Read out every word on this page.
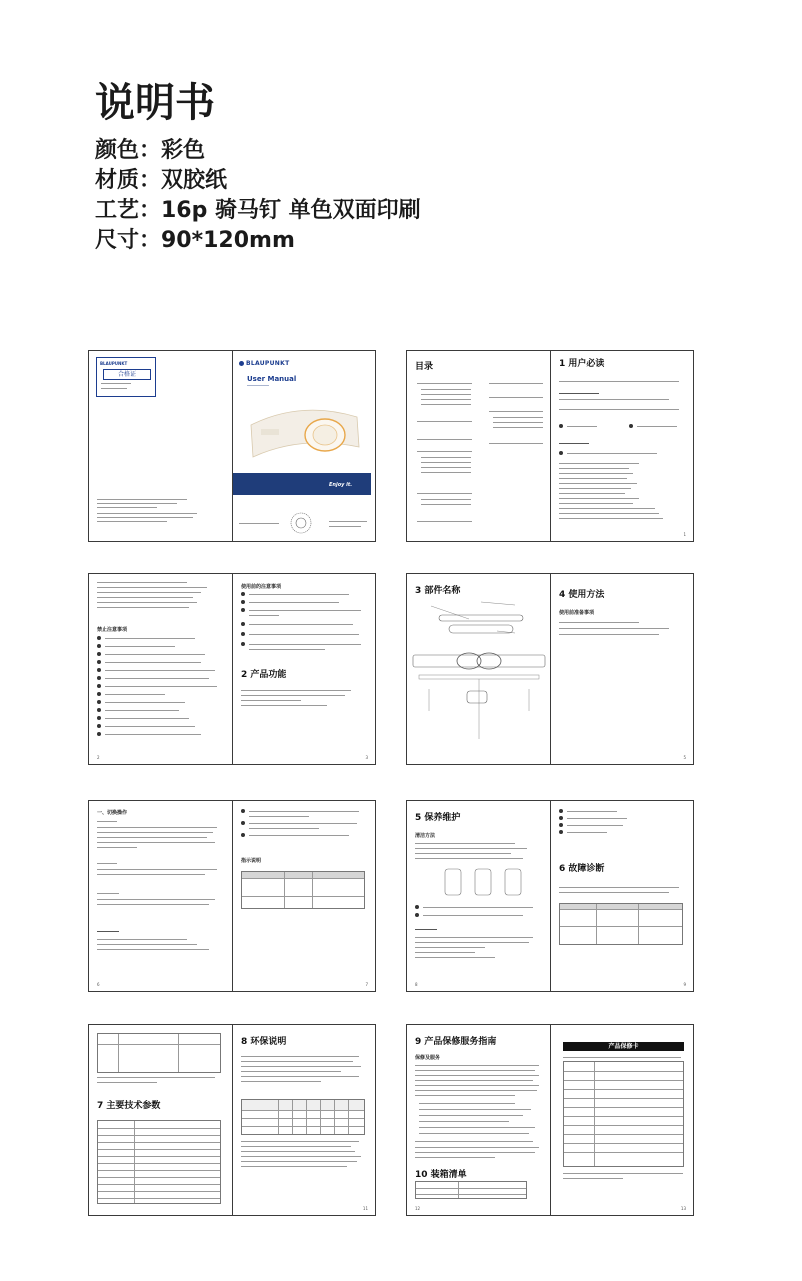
说明书
颜色：彩色
材质：双胶纸
工艺：16p 骑马钉 单色双面印刷
尺寸：90*120mm
BLAUPUNKT
合格证
BLAUPUNKT
User Manual
Enjoy it.
目录	1 用户必读
1
禁止注意事项
2
使用前的注意事项
2 产品功能
3
3 部件名称	4 使用方法
使用前准备事项
5
一、切换操作
6
指示说明
7
5 保养维护
清洁方法
8
6 故障诊断
9
7 主要技术参数
8 环保说明
11
9 产品保修服务指南
保修及服务
10 装箱清单
12
产品保修卡
13
